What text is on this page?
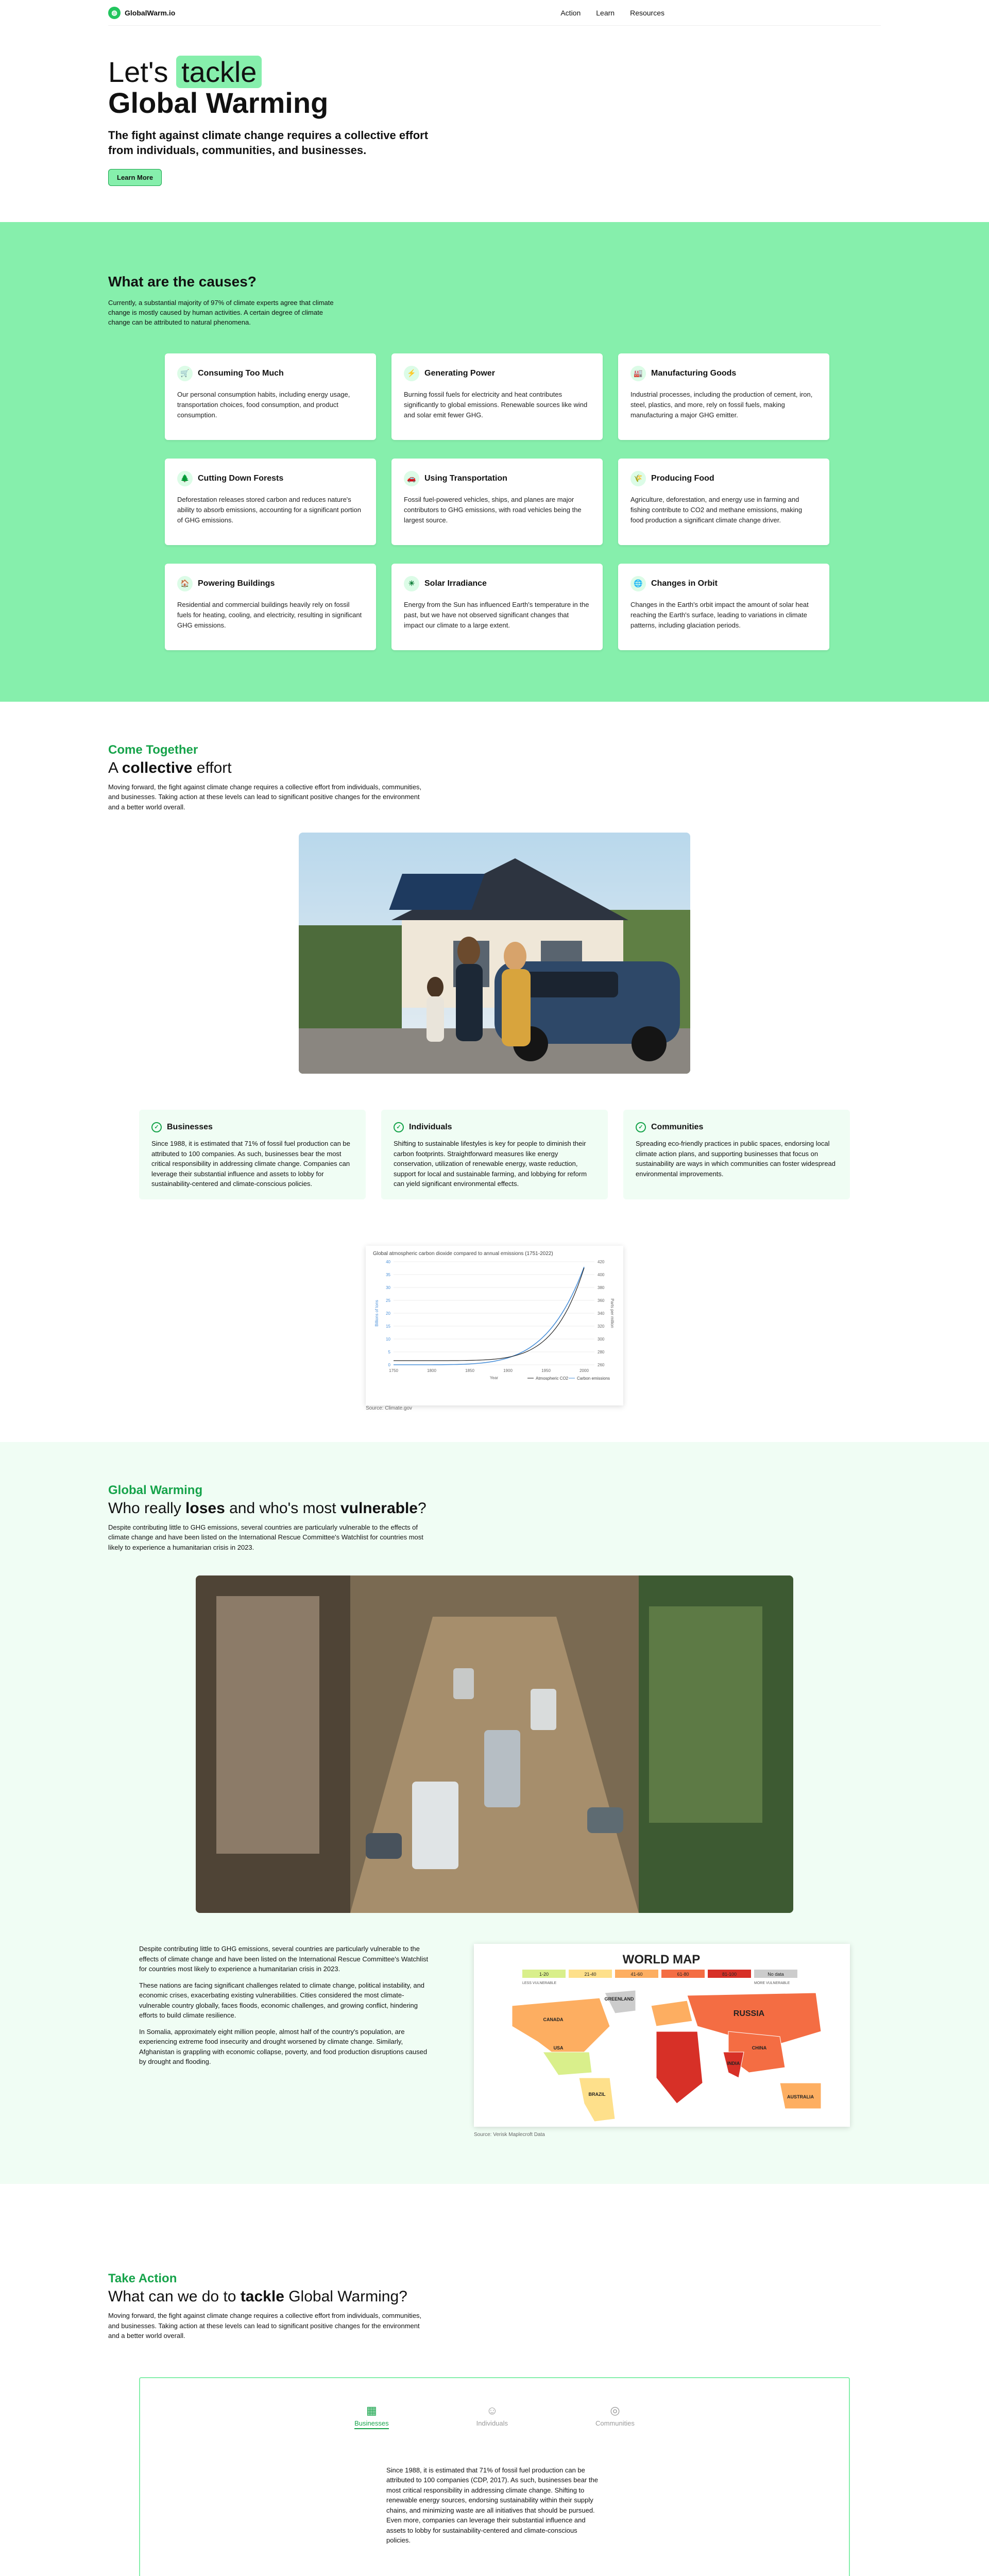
◍	GlobalWarm.io	Action Learn Resources
Let's tackle
Global Warming

The fight against climate change requires a collective effort from individuals, communities, and businesses.

Learn More
What are the causes?

Currently, a substantial majority of 97% of climate experts agree that climate change is mostly caused by human activities. A certain degree of climate change can be attributed to natural phenomena.

🛒	Consuming Too Much

Our personal consumption habits, including energy usage, transportation choices, food consumption, and product consumption.

⚡	Generating Power

Burning fossil fuels for electricity and heat contributes significantly to global emissions. Renewable sources like wind and solar emit fewer GHG.

🏭	Manufacturing Goods

Industrial processes, including the production of cement, iron, steel, plastics, and more, rely on fossil fuels, making manufacturing a major GHG emitter.

🌲	Cutting Down Forests

Deforestation releases stored carbon and reduces nature's ability to absorb emissions, accounting for a significant portion of GHG emissions.

🚗	Using Transportation

Fossil fuel-powered vehicles, ships, and planes are major contributors to GHG emissions, with road vehicles being the largest source.

🌾	Producing Food

Agriculture, deforestation, and energy use in farming and fishing contribute to CO2 and methane emissions, making food production a significant climate change driver.

🏠	Powering Buildings

Residential and commercial buildings heavily rely on fossil fuels for heating, cooling, and electricity, resulting in significant GHG emissions.

☀	Solar Irradiance

Energy from the Sun has influenced Earth's temperature in the past, but we have not observed significant changes that impact our climate to a large extent.

🌐	Changes in Orbit

Changes in the Earth's orbit impact the amount of solar heat reaching the Earth's surface, leading to variations in climate patterns, including glaciation periods.

Come Together
A collective effort

Moving forward, the fight against climate change requires a collective effort from individuals, communities, and businesses. Taking action at these levels can lead to significant positive changes for the environment and a better world overall.

✓ Businesses
Since 1988, it is estimated that 71% of fossil fuel production can be attributed to 100 companies. As such, businesses bear the most critical responsibility in addressing climate change. Companies can leverage their substantial influence and assets to lobby for sustainability-centered and climate-conscious policies.
✓ Individuals
Shifting to sustainable lifestyles is key for people to diminish their carbon footprints. Straightforward measures like energy conservation, utilization of renewable energy, waste reduction, support for local and sustainable farming, and lobbying for reform can yield significant environmental effects.
✓ Communities
Spreading eco-friendly practices in public spaces, endorsing local climate action plans, and supporting businesses that focus on sustainability are ways in which communities can foster widespread environmental improvements.
Global atmospheric carbon dioxide compared to annual emissions (1751-2022)
0
5
10
15
20
25
30
35
40
260
280
300
320
340
360
380
400
420
1750	1800	1850	1900	1950	2000
Year
Billions of tons	Parts per million
Atmospheric CO2 Carbon emissions
Source: Climate.gov
Global Warming
Who really loses and who's most vulnerable?

Despite contributing little to GHG emissions, several countries are particularly vulnerable to the effects of climate change and have been listed on the International Rescue Committee's Watchlist for countries most likely to experience a humanitarian crisis in 2023.

Despite contributing little to GHG emissions, several countries are particularly vulnerable to the effects of climate change and have been listed on the International Rescue Committee's Watchlist for countries most likely to experience a humanitarian crisis in 2023.

These nations are facing significant challenges related to climate change, political instability, and economic crises, exacerbating existing vulnerabilities. Cities considered the most climate-vulnerable country globally, faces floods, economic challenges, and growing conflict, hindering efforts to build climate resilience.

In Somalia, approximately eight million people, almost half of the country's population, are experiencing extreme food insecurity and drought worsened by climate change. Similarly, Afghanistan is grappling with economic collapse, poverty, and food production disruptions caused by drought and flooding.

WORLD MAP
1-20	21-40	41-60	61-80	81-100	No data
LESS VULNERABLE	MORE VULNERABLE
RUSSIA
CANADA
USA
GREENLAND
BRAZIL	AUSTRALIA
CHINA
INDIA
Source: Verisk Maplecroft Data
Take Action
What can we do to tackle Global Warming?

Moving forward, the fight against climate change requires a collective effort from individuals, communities, and businesses. Taking action at these levels can lead to significant positive changes for the environment and a better world overall.

▦
Businesses
☺
Individuals
◎
Communities

Since 1988, it is estimated that 71% of fossil fuel production can be attributed to 100 companies (CDP, 2017). As such, businesses bear the most critical responsibility in addressing climate change. Shifting to renewable energy sources, endorsing sustainability within their supply chains, and minimizing waste are all initiatives that should be pursued. Even more, companies can leverage their substantial influence and assets to lobby for sustainability-centered and climate-conscious policies.
